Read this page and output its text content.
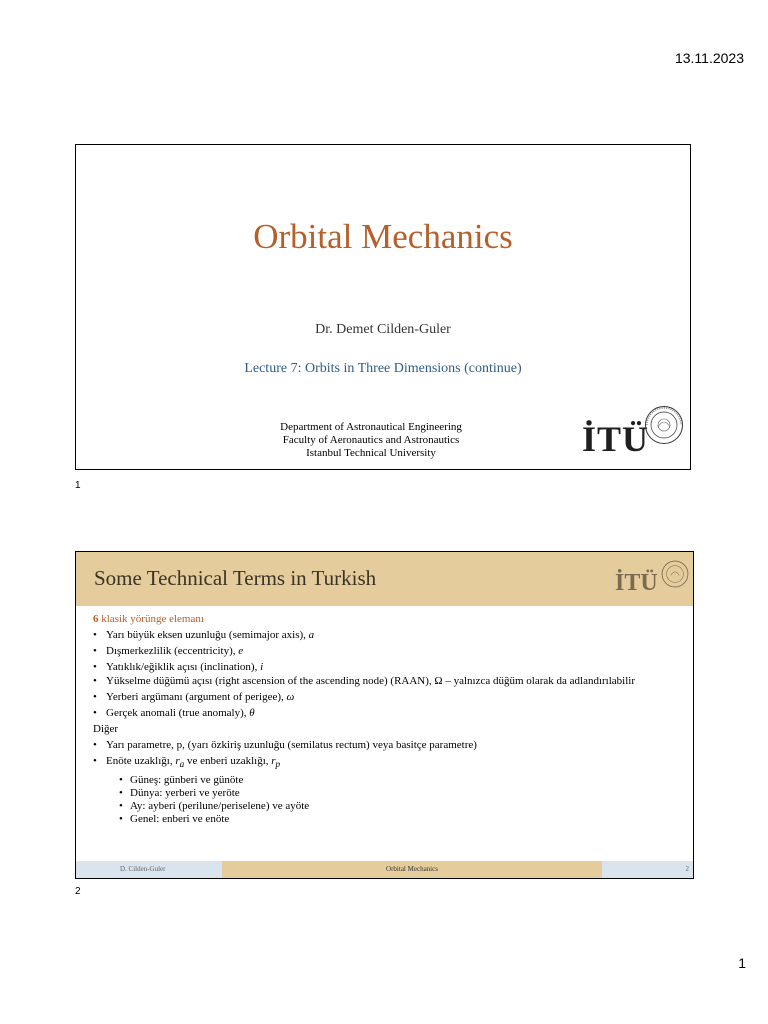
13.11.2023
Orbital Mechanics
Dr. Demet Cilden-Guler
Lecture 7: Orbits in Three Dimensions (continue)
Department of Astronautical Engineering
Faculty of Aeronautics and Astronautics
Istanbul Technical University	İTÜ
1
Some Technical Terms in Turkish	İTÜ
6 klasik yörünge elemanı
• Yarı büyük eksen uzunluğu (semimajor axis), a
• Dışmerkezlilik (eccentricity), e
• Yatıklık/eğiklik açısı (inclination), i
• Yükselme düğümü açısı (right ascension of the ascending node) (RAAN), Ω – yalnızca düğüm olarak da adlandırılabilir
• Yerberi argümanı (argument of perigee), ω
• Gerçek anomali (true anomaly), θ
Diğer
• Yarı parametre, p, (yarı özkiriş uzunluğu (semilatus rectum) veya basitçe parametre)
• Enöte uzaklığı, $r_a$ ve enberi uzaklığı, $r_p$
• Güneş: günberi ve günöte
• Dünya: yerberi ve yeröte
• Ay: ayberi (perilune/periselene) ve ayöte
• Genel: enberi ve enöte
D. Cilden-Guler	Orbital Mechanics	2
2
1
